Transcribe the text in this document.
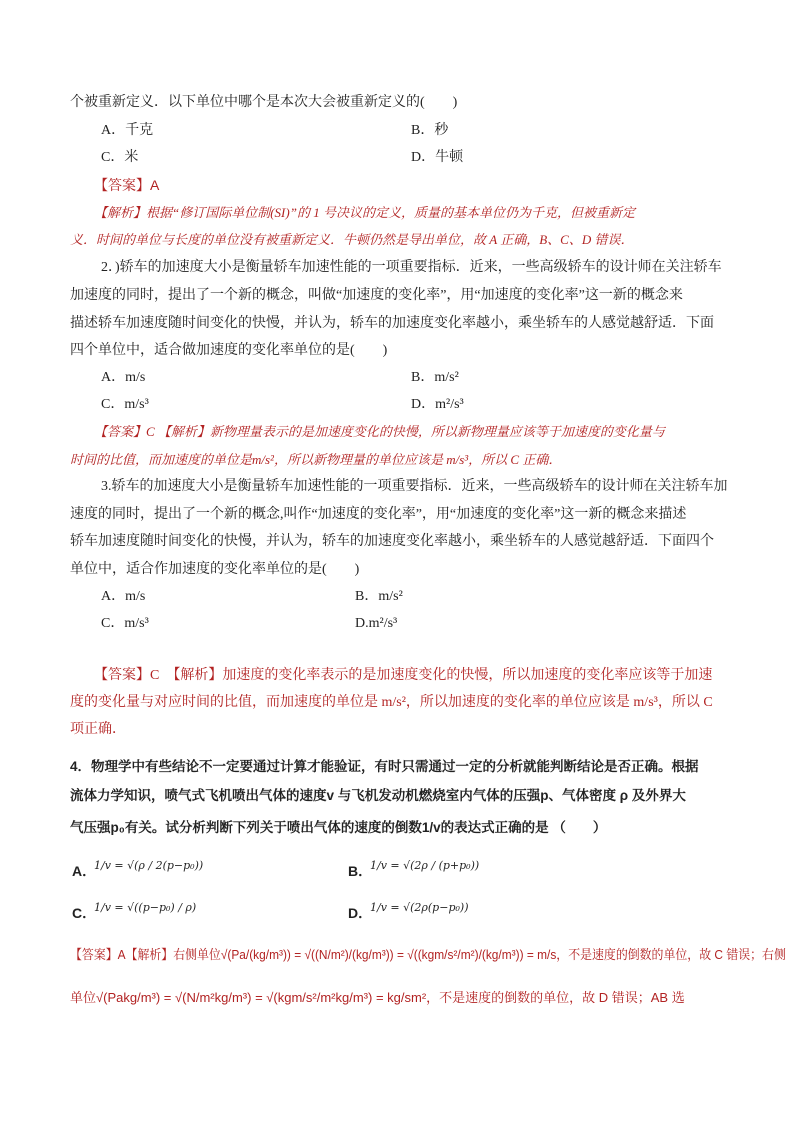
个被重新定义．以下单位中哪个是本次大会被重新定义的(　　)
A．千克	B．秒
C．米	D．牛顿
【答案】A
【解析】根据“修订国际单位制(SI)”的 1 号决议的定义，质量的基本单位仍为千克，但被重新定
义．时间的单位与长度的单位没有被重新定义．牛顿仍然是导出单位，故 A 正确，B、C、D 错误．
2．)轿车的加速度大小是衡量轿车加速性能的一项重要指标．近来，一些高级轿车的设计师在关注轿车
加速度的同时，提出了一个新的概念，叫做“加速度的变化率”，用“加速度的变化率”这一新的概念来
描述轿车加速度随时间变化的快慢，并认为，轿车的加速度变化率越小，乘坐轿车的人感觉越舒适．下面
四个单位中，适合做加速度的变化率单位的是(　　)
A．m/s	B．m/s²
C．m/s³	D．m²/s³
【答案】C 【解析】新物理量表示的是加速度变化的快慢，所以新物理量应该等于加速度的变化量与
时间的比值，而加速度的单位是m/s²，所以新物理量的单位应该是 m/s³，所以 C 正确．
3.轿车的加速度大小是衡量轿车加速性能的一项重要指标．近来，一些高级轿车的设计师在关注轿车加
速度的同时，提出了一个新的概念,叫作“加速度的变化率”，用“加速度的变化率”这一新的概念来描述
轿车加速度随时间变化的快慢，并认为，轿车的加速度变化率越小，乘坐轿车的人感觉越舒适．下面四个
单位中，适合作加速度的变化率单位的是(　　)
A．m/s	B．m/s²
C．m/s³	D.m²/s³
【答案】C　【解析】加速度的变化率表示的是加速度变化的快慢，所以加速度的变化率应该等于加速
度的变化量与对应时间的比值，而加速度的单位是 m/s²，所以加速度的变化率的单位应该是 m/s³，所以 C
项正确．
4．物理学中有些结论不一定要通过计算才能验证，有时只需通过一定的分析就能判断结论是否正确。根据
流体力学知识，喷气式飞机喷出气体的速度v 与飞机发动机燃烧室内气体的压强p、气体密度 ρ 及外界大
气压强p₀有关。试分析判断下列关于喷出气体的速度的倒数1/v的表达式正确的是 （　　）
A．
1/v = √(ρ / 2(p−p₀))	B．
1/v = √(2ρ / (p+p₀))
C．
1/v = √((p−p₀) / ρ)	D．
1/v = √(2ρ(p−p₀))
【答案】A【解析】右侧单位√(Pa/(kg/m³)) = √((N/m²)/(kg/m³)) = √((kgm/s²/m²)/(kg/m³)) = m/s，不是速度的倒数的单位，故 C 错误；右侧
单位√(Pakg/m³) = √(N/m²kg/m³) = √(kgm/s²/m²kg/m³) = kg/sm²，不是速度的倒数的单位，故 D 错误；AB 选
